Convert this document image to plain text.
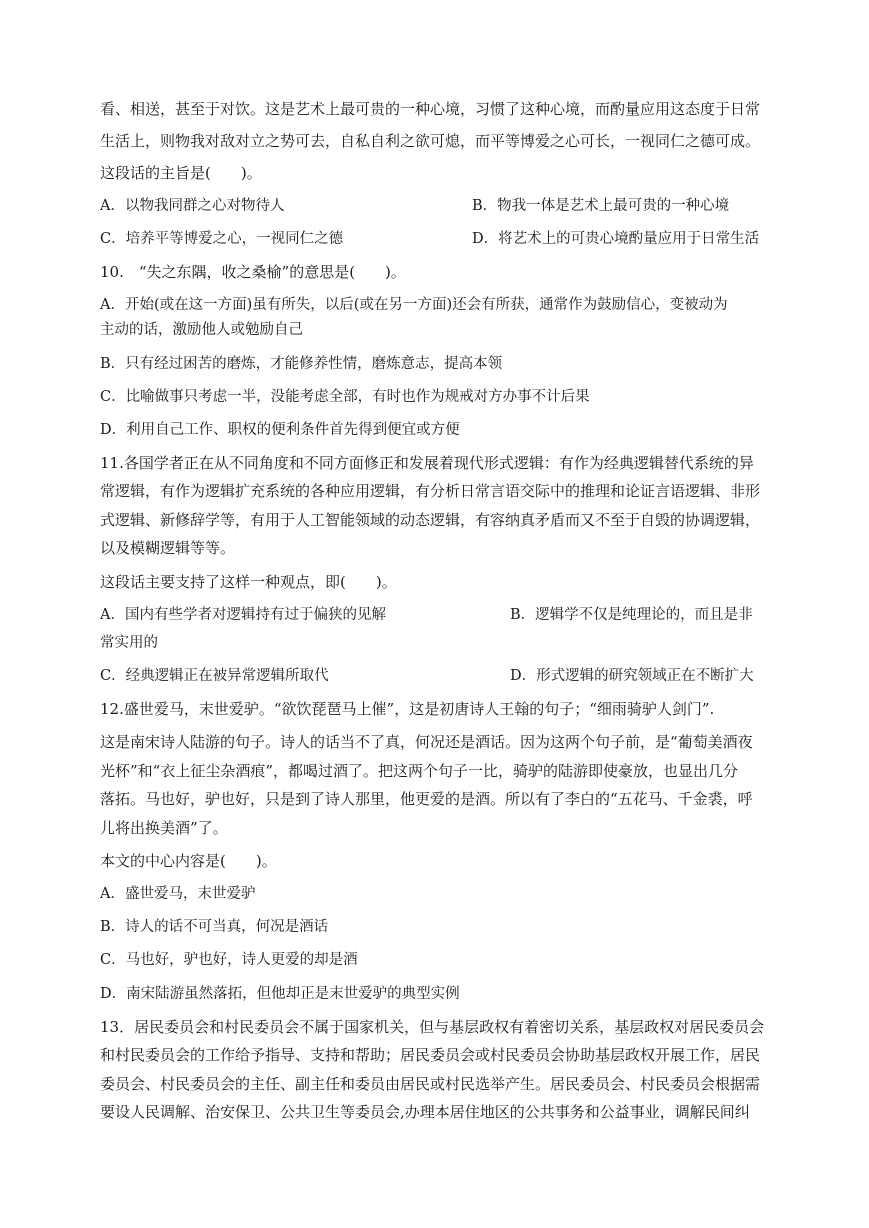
看、相送，甚至于对饮。这是艺术上最可贵的一种心境，习惯了这种心境，而酌量应用这态度于日常
生活上，则物我对敌对立之势可去，自私自利之欲可熄，而平等博爱之心可长，一视同仁之德可成。
这段话的主旨是(　　)。
A．以物我同群之心对物待人	B．物我一体是艺术上最可贵的一种心境
C．培养平等博爱之心，一视同仁之德	D．将艺术上的可贵心境酌量应用于日常生活
10.　“失之东隅，收之桑榆”的意思是(　　)。
A．开始(或在这一方面)虽有所失，以后(或在另一方面)还会有所获，通常作为鼓励信心，变被动为
主动的话，激励他人或勉励自己
B．只有经过困苦的磨炼，才能修养性情，磨炼意志，提高本领
C．比喻做事只考虑一半，没能考虑全部，有时也作为规戒对方办事不计后果
D．利用自己工作、职权的便利条件首先得到便宜或方便
11.各国学者正在从不同角度和不同方面修正和发展着现代形式逻辑：有作为经典逻辑替代系统的异
常逻辑，有作为逻辑扩充系统的各种应用逻辑，有分析日常言语交际中的推理和论证言语逻辑、非形
式逻辑、新修辞学等，有用于人工智能领域的动态逻辑，有容纳真矛盾而又不至于自毁的协调逻辑，
以及模糊逻辑等等。
这段话主要支持了这样一种观点，即(　　)。
A．国内有些学者对逻辑持有过于偏狭的见解	B．逻辑学不仅是纯理论的，而且是非
常实用的
C．经典逻辑正在被异常逻辑所取代	D．形式逻辑的研究领域正在不断扩大
12.盛世爱马，末世爱驴。“欲饮琵琶马上催”，这是初唐诗人王翰的句子；“细雨骑驴人剑门”.
这是南宋诗人陆游的句子。诗人的话当不了真，何况还是酒话。因为这两个句子前，是“葡萄美酒夜
光杯”和“衣上征尘杂酒痕”，都喝过酒了。把这两个句子一比，骑驴的陆游即使豪放，也显出几分
落拓。马也好，驴也好，只是到了诗人那里，他更爱的是酒。所以有了李白的“五花马、千金裘，呼
儿将出换美酒”了。
本文的中心内容是(　　)。
A．盛世爱马，末世爱驴
B．诗人的话不可当真，何况是酒话
C．马也好，驴也好，诗人更爱的却是酒
D．南宋陆游虽然落拓，但他却正是末世爱驴的典型实例
13．居民委员会和村民委员会不属于国家机关，但与基层政权有着密切关系，基层政权对居民委员会
和村民委员会的工作给予指导、支持和帮助；居民委员会或村民委员会协助基层政权开展工作，居民
委员会、村民委员会的主任、副主任和委员由居民或村民选举产生。居民委员会、村民委员会根据需
要设人民调解、治安保卫、公共卫生等委员会,办理本居住地区的公共事务和公益事业，调解民间纠
